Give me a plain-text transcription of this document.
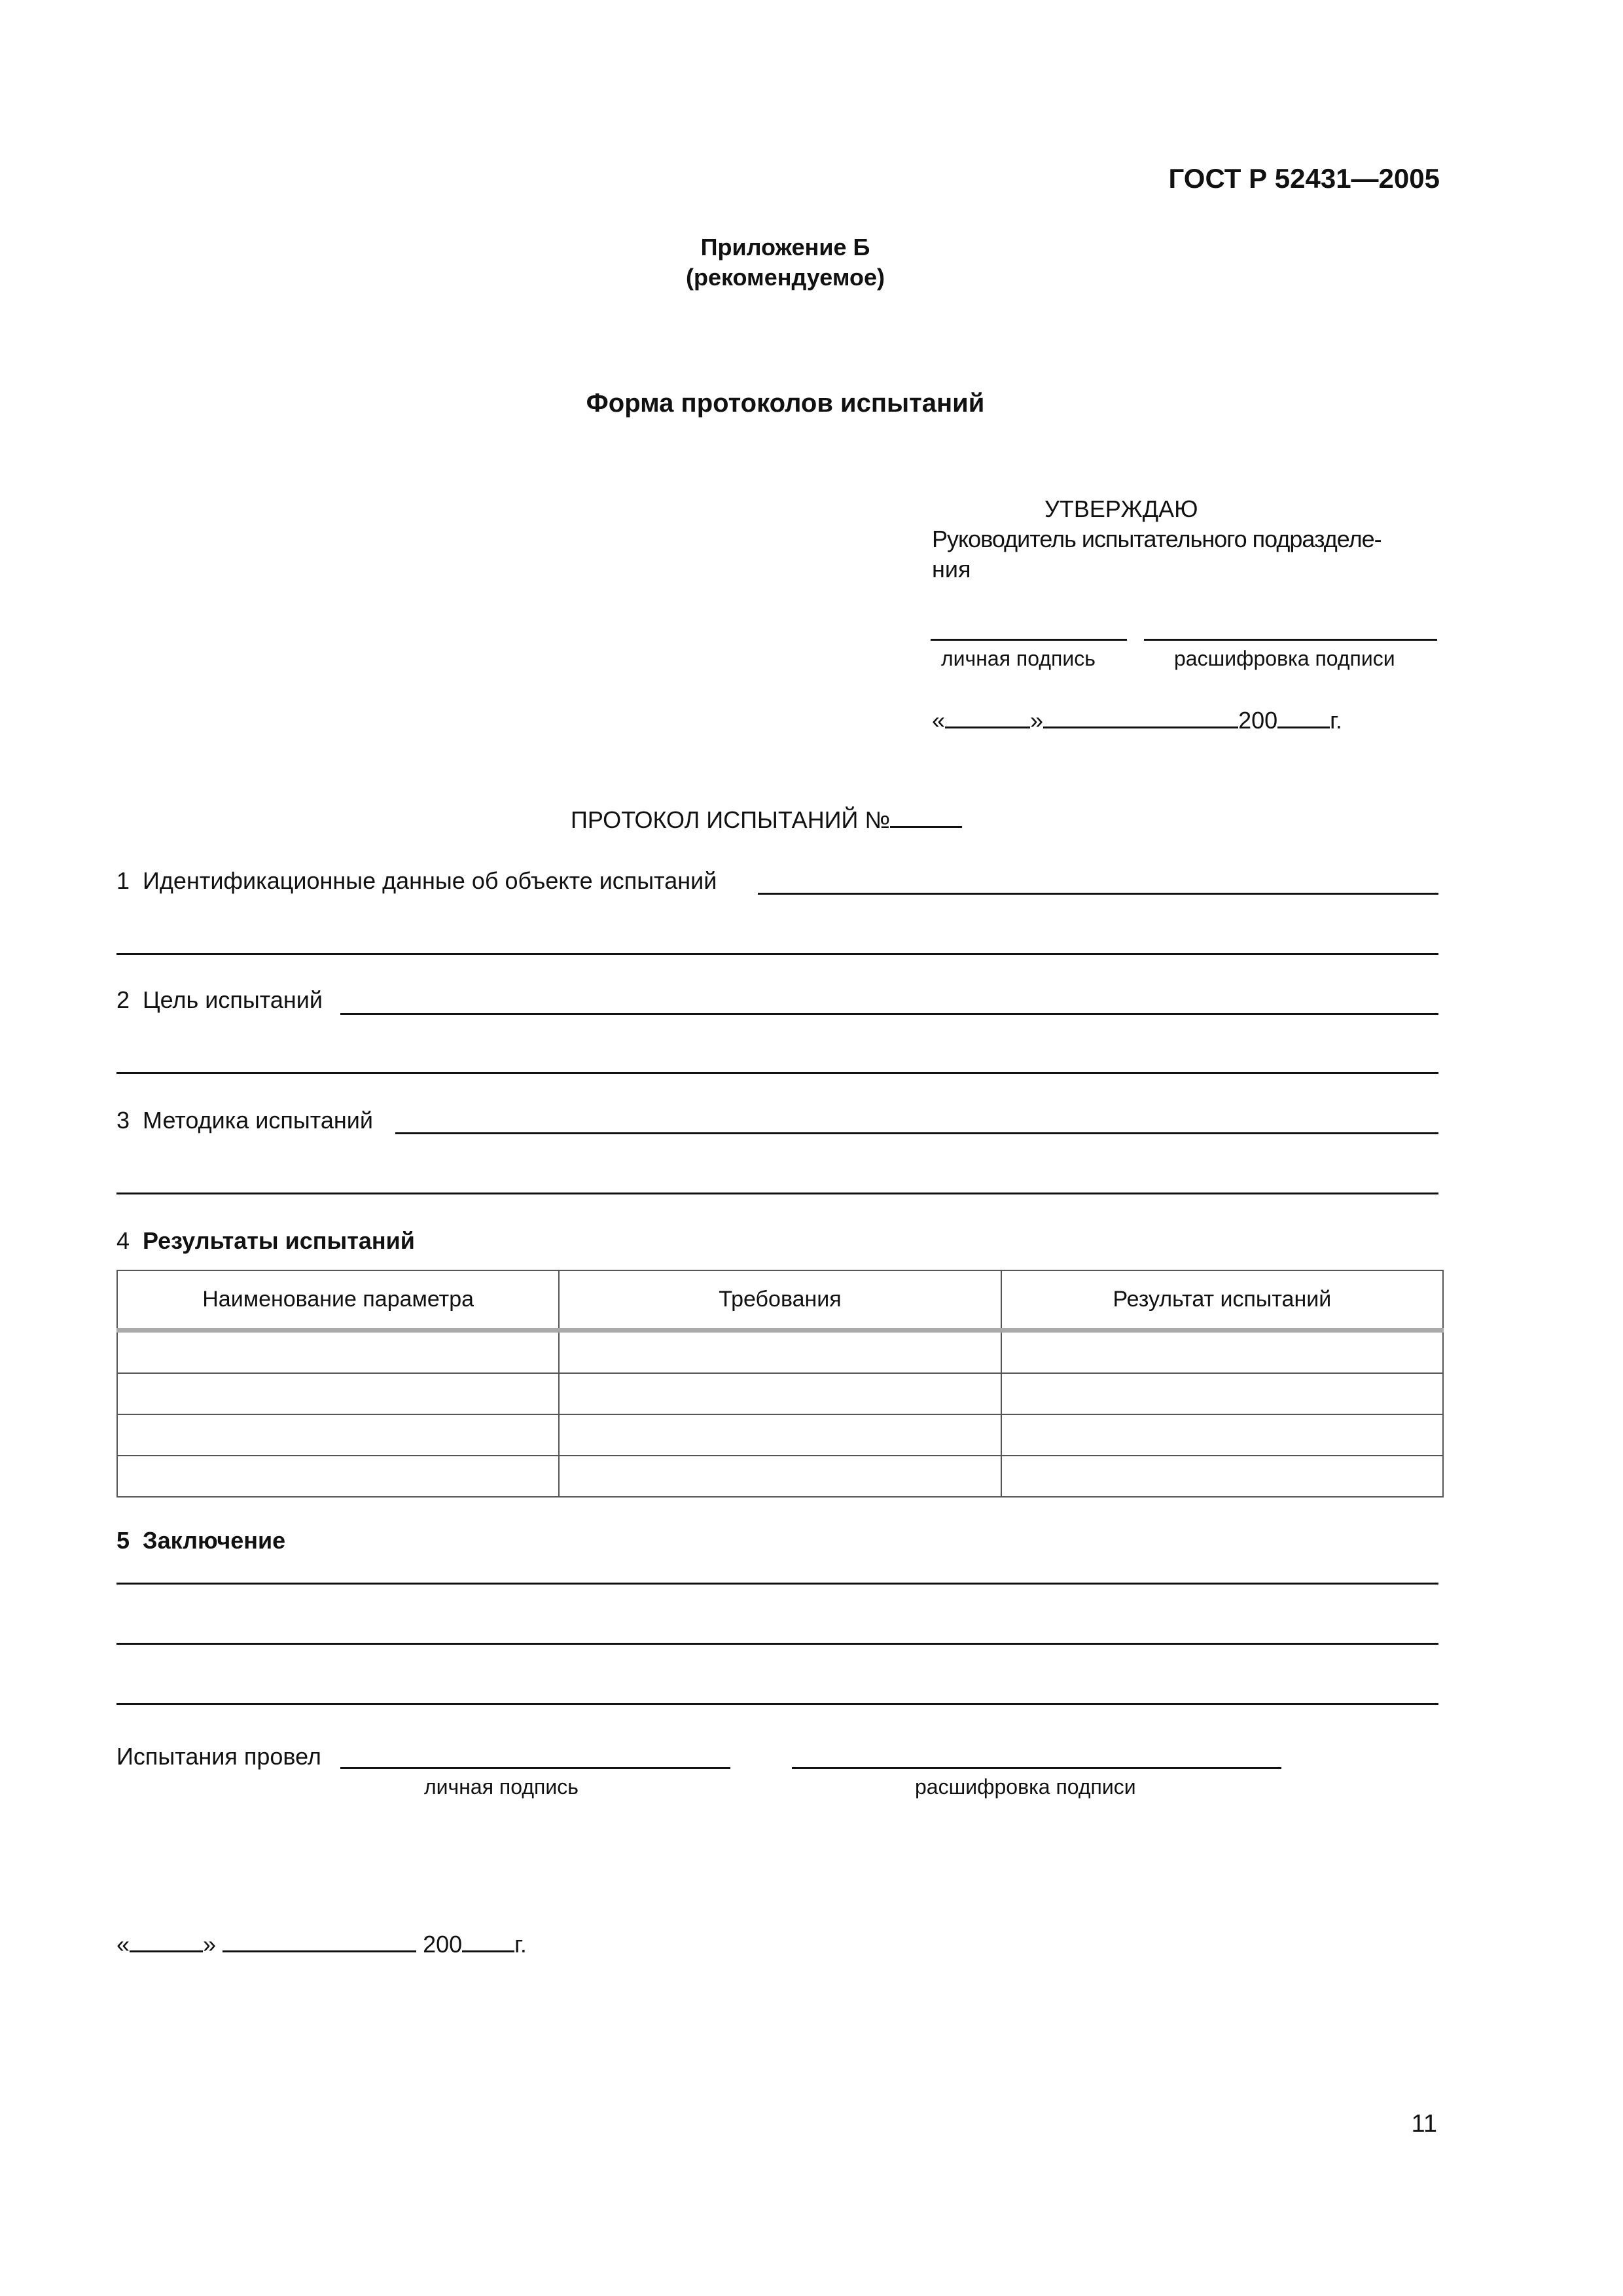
ГОСТ Р 52431—2005
Приложение Б
(рекомендуемое)
Форма протоколов испытаний
УТВЕРЖДАЮ
Руководитель испытательного подразделе-
ния
личная подпись	расшифровка подписи
«	»	200 г.
ПРОТОКОЛ ИСПЫТАНИЙ №
1 Идентификационные данные об объекте испытаний
2 Цель испытаний
3 Методика испытаний
4 Результаты испытаний
Наименование параметра	Требования	Результат испытаний

5 Заключение
Испытания провел
личная подпись	расшифровка подписи
«	»	200 г.
11
